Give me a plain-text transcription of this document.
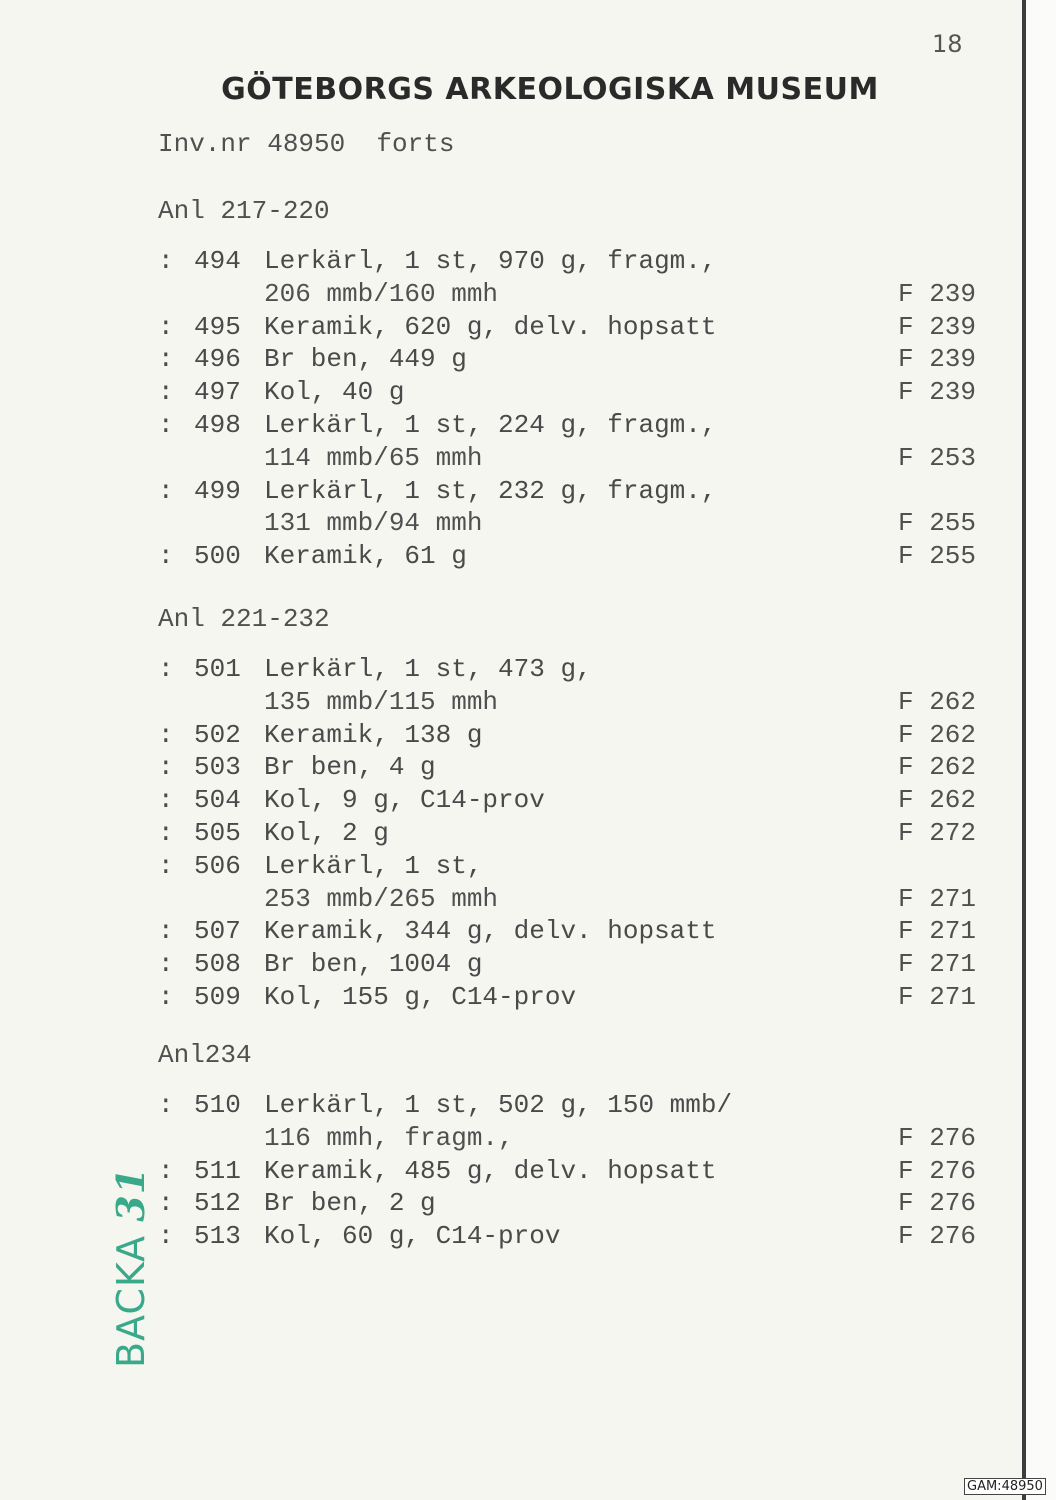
18
GÖTEBORGS ARKEOLOGISKA MUSEUM
Inv.nr 48950  forts
Anl 217-220
: 494 Lerkärl, 1 st, 970 g, fragm.,
206 mmb/160 mmh	F 239
: 495 Keramik, 620 g, delv. hopsatt	F 239
: 496 Br ben, 449 g	F 239
: 497 Kol, 40 g	F 239
: 498 Lerkärl, 1 st, 224 g, fragm.,
114 mmb/65 mmh	F 253
: 499 Lerkärl, 1 st, 232 g, fragm.,
131 mmb/94 mmh	F 255
: 500 Keramik, 61 g	F 255
Anl 221-232
: 501 Lerkärl, 1 st, 473 g,
135 mmb/115 mmh	F 262
: 502 Keramik, 138 g	F 262
: 503 Br ben, 4 g	F 262
: 504 Kol, 9 g, C14-prov	F 262
: 505 Kol, 2 g	F 272
: 506 Lerkärl, 1 st,
253 mmb/265 mmh	F 271
: 507 Keramik, 344 g, delv. hopsatt	F 271
: 508 Br ben, 1004 g	F 271
: 509 Kol, 155 g, C14-prov	F 271
Anl234
: 510 Lerkärl, 1 st, 502 g, 150 mmb/
116 mmh, fragm.,	F 276
: 511 Keramik, 485 g, delv. hopsatt	F 276
: 512 Br ben, 2 g	F 276
: 513 Kol, 60 g, C14-prov	F 276
BACKA 31
GAM:48950
